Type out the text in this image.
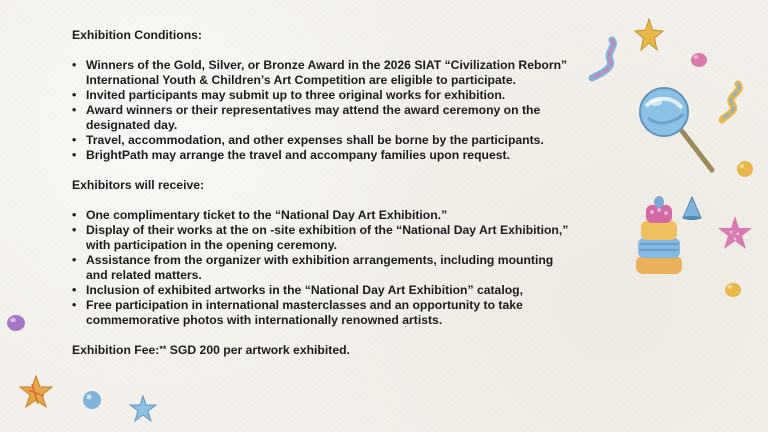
Exhibition Conditions:
• Winners of the Gold, Silver, or Bronze Award in the 2026 SIAT “Civilization Reborn” International Youth & Children’s Art Competition are eligible to participate.
• Invited participants may submit up to three original works for exhibition.
• Award winners or their representatives may attend the award ceremony on the designated day.
• Travel, accommodation, and other expenses shall be borne by the participants.
• BrightPath may arrange the travel and accompany families upon request.
Exhibitors will receive:
• One complimentary ticket to the “National Day Art Exhibition.”
• Display of their works at the on -site exhibition of the “National Day Art Exhibition,” with participation in the opening ceremony.
• Assistance from the organizer with exhibition arrangements, including mounting and related matters.
• Inclusion of exhibited artworks in the “National Day Art Exhibition” catalog,
• Free participation in international masterclasses and an opportunity to take commemorative photos with internationally renowned artists.
Exhibition Fee:** SGD 200 per artwork exhibited.
